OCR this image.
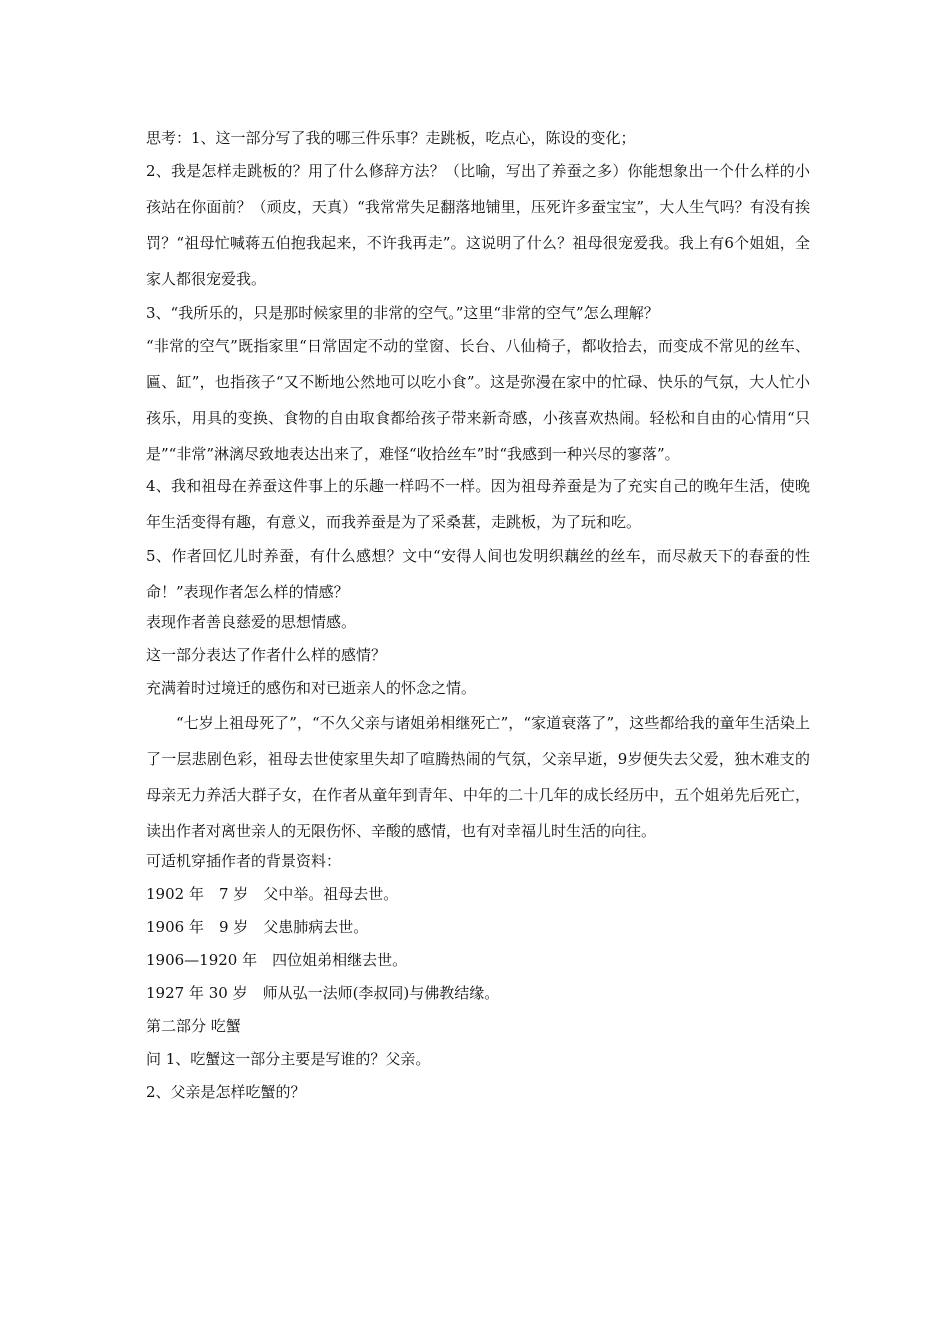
思考：1、这一部分写了我的哪三件乐事？走跳板，吃点心，陈设的变化；

2、我是怎样走跳板的？用了什么修辞方法？（比喻，写出了养蚕之多）你能想象出一个什么样的小孩站在你面前？（顽皮，天真）“我常常失足翻落地铺里，压死许多蚕宝宝”，大人生气吗？有没有挨罚？“祖母忙喊蒋五伯抱我起来，不许我再走”。这说明了什么？祖母很宠爱我。我上有6个姐姐，全家人都很宠爱我。

3、“我所乐的，只是那时候家里的非常的空气。”这里“非常的空气”怎么理解？

“非常的空气”既指家里“日常固定不动的堂窗、长台、八仙椅子，都收拾去，而变成不常见的丝车、匾、缸”，也指孩子“又不断地公然地可以吃小食”。这是弥漫在家中的忙碌、快乐的气氛，大人忙小孩乐，用具的变换、食物的自由取食都给孩子带来新奇感，小孩喜欢热闹。轻松和自由的心情用“只是”“非常”淋漓尽致地表达出来了，难怪“收拾丝车”时“我感到一种兴尽的寥落”。

4、我和祖母在养蚕这件事上的乐趣一样吗不一样。因为祖母养蚕是为了充实自己的晚年生活，使晚年生活变得有趣，有意义，而我养蚕是为了采桑葚，走跳板，为了玩和吃。

5、作者回忆儿时养蚕，有什么感想？文中“安得人间也发明织藕丝的丝车，而尽赦天下的春蚕的性命！”表现作者怎么样的情感？

表现作者善良慈爱的思想情感。

这一部分表达了作者什么样的感情？

充满着时过境迁的感伤和对已逝亲人的怀念之情。

“七岁上祖母死了”，“不久父亲与诸姐弟相继死亡”，“家道衰落了”，这些都给我的童年生活染上了一层悲剧色彩，祖母去世使家里失却了喧腾热闹的气氛，父亲早逝，9岁便失去父爱，独木难支的母亲无力养活大群子女，在作者从童年到青年、中年的二十几年的成长经历中，五个姐弟先后死亡，读出作者对离世亲人的无限伤怀、辛酸的感情，也有对幸福儿时生活的向往。

可适机穿插作者的背景资料：

1902 年　7 岁　父中举。祖母去世。

1906 年　9 岁　父患肺病去世。

1906—1920 年　四位姐弟相继去世。

1927 年 30 岁　师从弘一法师(李叔同)与佛教结缘。

第二部分 吃蟹

问 1、吃蟹这一部分主要是写谁的？父亲。

2、父亲是怎样吃蟹的？
